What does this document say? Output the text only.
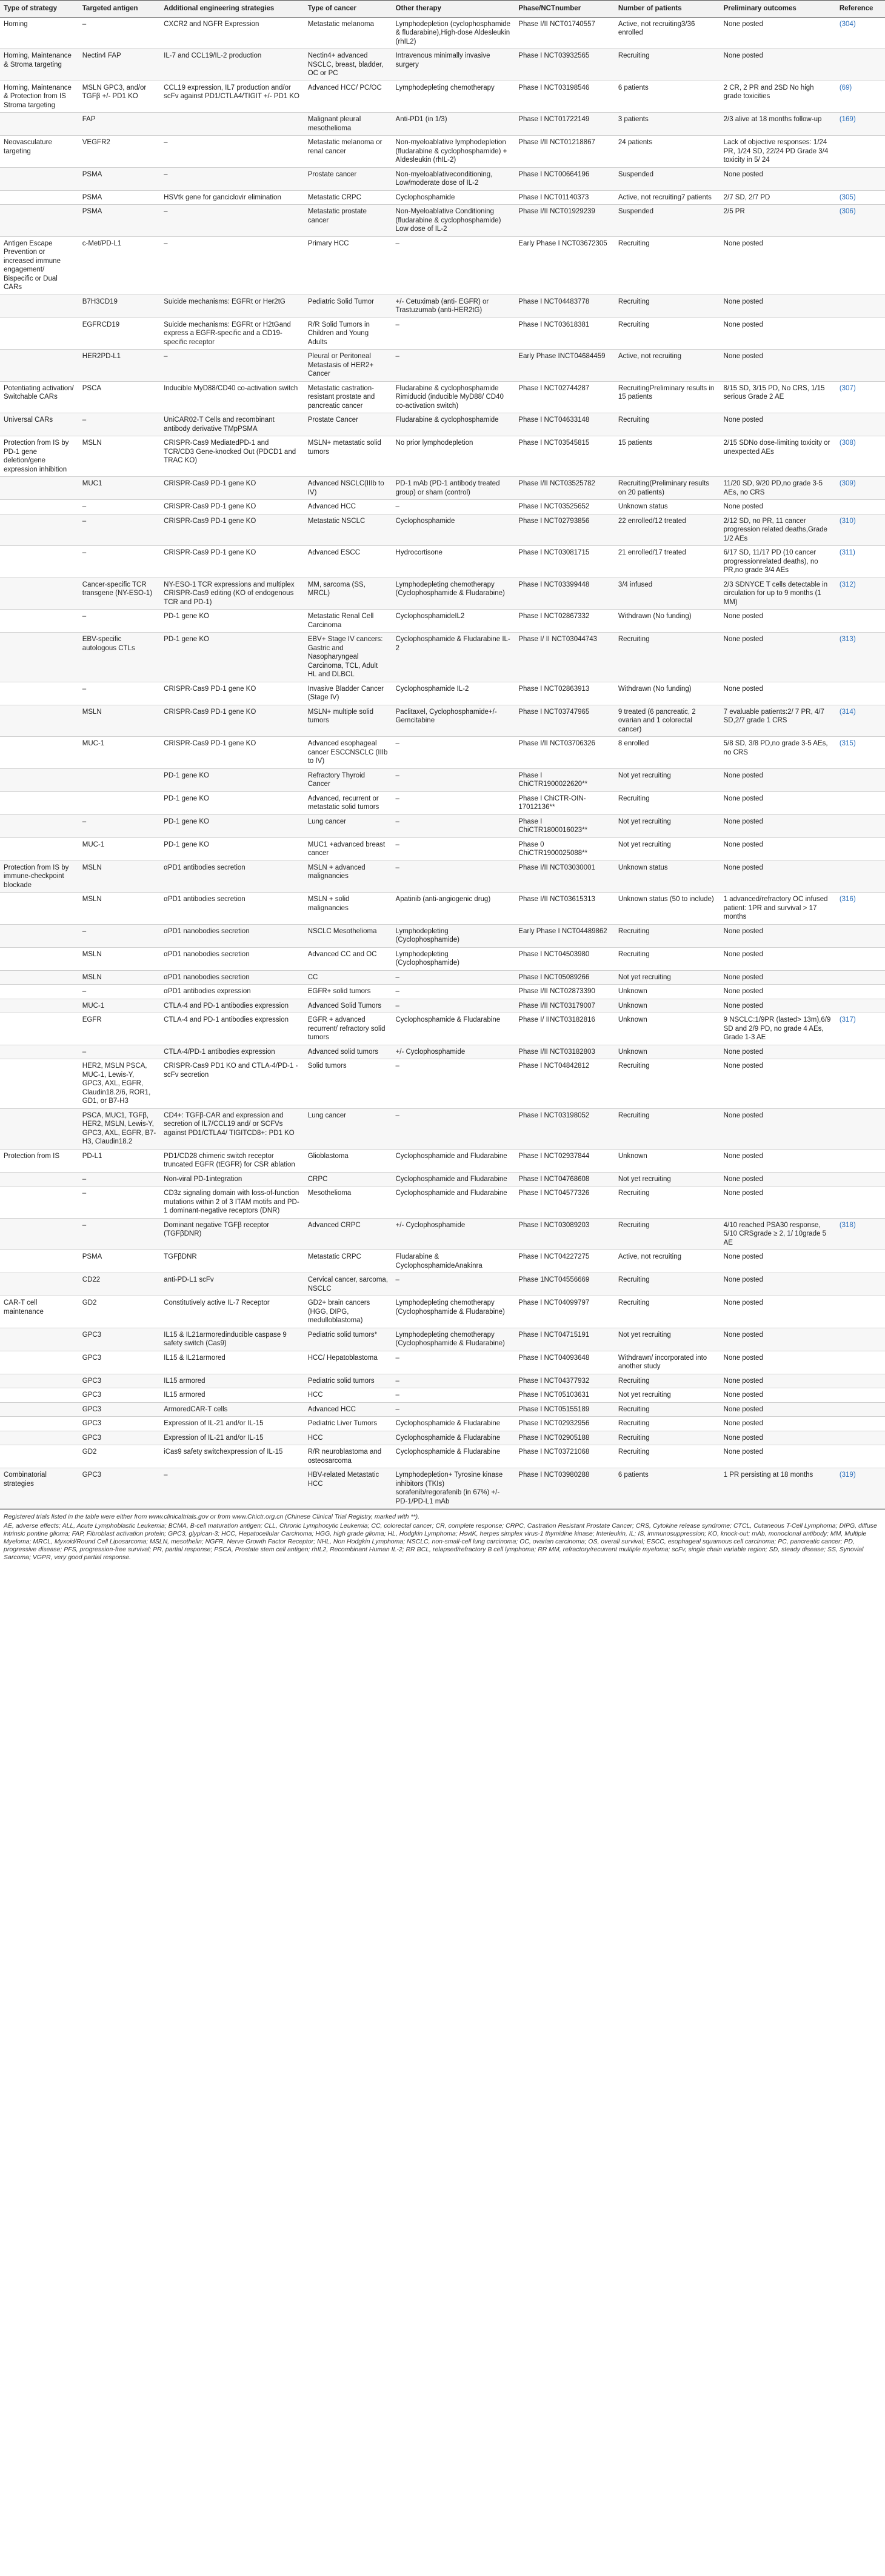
Type of strategy	Targeted antigen	Additional engineering strategies	Type of cancer	Other therapy	Phase/NCTnumber	Number of patients	Preliminary outcomes	Reference
Homing	–	CXCR2 and NGFR Expression	Metastatic melanoma	Lymphodepletion (cyclophosphamide & fludarabine),High-dose Aldesleukin (rhIL2)	Phase I/II NCT01740557	Active, not recruiting3/36 enrolled	None posted	(304)
Homing, Maintenance & Stroma targeting	Nectin4 FAP	IL-7 and CCL19/IL-2 production	Nectin4+ advanced NSCLC, breast, bladder, OC or PC	Intravenous minimally invasive surgery	Phase I NCT03932565	Recruiting	None posted	
Homing, Maintenance & Protection from IS Stroma targeting	MSLN GPC3, and/or TGFβ +/- PD1 KO	CCL19 expression, IL7 production and/or scFv against PD1/CTLA4/TIGIT +/- PD1 KO	Advanced HCC/ PC/OC	Lymphodepleting chemotherapy	Phase I NCT03198546	6 patients	2 CR, 2 PR and 2SD No high grade toxicities	(69)
	FAP		Malignant pleural mesothelioma	Anti-PD1 (in 1/3)	Phase I NCT01722149	3 patients	2/3 alive at 18 months follow-up	(169)
Neovasculature targeting	VEGFR2	–	Metastatic melanoma or renal cancer	Non-myeloablative lymphodepletion (fludarabine & cyclophosphamide) + Aldesleukin (rhIL-2)	Phase I/II NCT01218867	24 patients	Lack of objective responses: 1/24 PR, 1/24 SD, 22/24 PD Grade 3/4 toxicity in 5/ 24	
	PSMA	–	Prostate cancer	Non-myeloablativeconditioning, Low/moderate dose of IL-2	Phase I NCT00664196	Suspended	None posted	
	PSMA	HSVtk gene for ganciclovir elimination	Metastatic CRPC	Cyclophosphamide	Phase I NCT01140373	Active, not recruiting7 patients	2/7 SD, 2/7 PD	(305)
	PSMA	–	Metastatic prostate cancer	Non-Myeloablative Conditioning (fludarabine & cyclophosphamide) Low dose of IL-2	Phase I/II NCT01929239	Suspended	2/5 PR	(306)
Antigen Escape Prevention or increased immune engagement/ Bispecific or Dual CARs	c-Met/PD-L1	–	Primary HCC	–	Early Phase I NCT03672305	Recruiting	None posted	
	B7H3CD19	Suicide mechanisms: EGFRt or Her2tG	Pediatric Solid Tumor	+/- Cetuximab (anti- EGFR) or Trastuzumab (anti-HER2tG)	Phase I NCT04483778	Recruiting	None posted	
	EGFRCD19	Suicide mechanisms: EGFRt or H2tGand express a EGFR-specific and a CD19-specific receptor	R/R Solid Tumors in Children and Young Adults	–	Phase I NCT03618381	Recruiting	None posted	
	HER2PD-L1	–	Pleural or Peritoneal Metastasis of HER2+ Cancer	–	Early Phase INCT04684459	Active, not recruiting	None posted	
Potentiating activation/ Switchable CARs	PSCA	Inducible MyD88/CD40 co-activation switch	Metastatic castration-resistant prostate and pancreatic cancer	Fludarabine & cyclophosphamide Rimiducid (inducible MyD88/ CD40 co-activation switch)	Phase I NCT02744287	RecruitingPreliminary results in 15 patients	8/15 SD, 3/15 PD, No CRS, 1/15 serious Grade 2 AE	(307)
Universal CARs	–	UniCAR02-T Cells and recombinant antibody derivative TMpPSMA	Prostate Cancer	Fludarabine & cyclophosphamide	Phase I NCT04633148	Recruiting	None posted	
Protection from IS by PD-1 gene deletion/gene expression inhibition	MSLN	CRISPR-Cas9 MediatedPD-1 and TCR/CD3 Gene-knocked Out (PDCD1 and TRAC KO)	MSLN+ metastatic solid tumors	No prior lymphodepletion	Phase I NCT03545815	15 patients	2/15 SDNo dose-limiting toxicity or unexpected AEs	(308)
	MUC1	CRISPR-Cas9 PD-1 gene KO	Advanced NSCLC(IIIb to IV)	PD-1 mAb (PD-1 antibody treated group) or sham (control)	Phase I/II NCT03525782	Recruiting(Preliminary results on 20 patients)	11/20 SD, 9/20 PD,no grade 3-5 AEs, no CRS	(309)
	–	CRISPR-Cas9 PD-1 gene KO	Advanced HCC	–	Phase I NCT03525652	Unknown status	None posted	
	–	CRISPR-Cas9 PD-1 gene KO	Metastatic NSCLC	Cyclophosphamide	Phase I NCT02793856	22 enrolled/12 treated	2/12 SD, no PR, 11 cancer progression related deaths,Grade 1/2 AEs	(310)
	–	CRISPR-Cas9 PD-1 gene KO	Advanced ESCC	Hydrocortisone	Phase I NCT03081715	21 enrolled/17 treated	6/17 SD, 11/17 PD (10 cancer progressionrelated deaths), no PR,no grade 3/4 AEs	(311)
	Cancer-specific TCR transgene (NY-ESO-1)	NY-ESO-1 TCR expressions and multiplex CRISPR-Cas9 editing (KO of endogenous TCR and PD-1)	MM, sarcoma (SS, MRCL)	Lymphodepleting chemotherapy (Cyclophosphamide & Fludarabine)	Phase I NCT03399448	3/4 infused	2/3 SDNYCE T cells detectable in circulation for up to 9 months (1 MM)	(312)
	–	PD-1 gene KO	Metastatic Renal Cell Carcinoma	CyclophosphamideIL2	Phase I NCT02867332	Withdrawn (No funding)	None posted	
	EBV-specific autologous CTLs	PD-1 gene KO	EBV+ Stage IV cancers: Gastric and Nasopharyngeal Carcinoma, TCL, Adult HL and DLBCL	Cyclophosphamide & Fludarabine IL-2	Phase I/ II NCT03044743	Recruiting	None posted	(313)
	–	CRISPR-Cas9 PD-1 gene KO	Invasive Bladder Cancer (Stage IV)	Cyclophosphamide IL-2	Phase I NCT02863913	Withdrawn (No funding)	None posted	
	MSLN	CRISPR-Cas9 PD-1 gene KO	MSLN+ multiple solid tumors	Paclitaxel, Cyclophosphamide+/- Gemcitabine	Phase I NCT03747965	9 treated (6 pancreatic, 2 ovarian and 1 colorectal cancer)	7 evaluable patients:2/ 7 PR, 4/7 SD,2/7 grade 1 CRS	(314)
	MUC-1	CRISPR-Cas9 PD-1 gene KO	Advanced esophageal cancer ESCCNSCLC (IIIb to IV)	–	Phase I/II NCT03706326	8 enrolled	5/8 SD, 3/8 PD,no grade 3-5 AEs, no CRS	(315)
		PD-1 gene KO	Refractory Thyroid Cancer	–	Phase I ChiCTR1900022620**	Not yet recruiting	None posted	
		PD-1 gene KO	Advanced, recurrent or metastatic solid tumors	–	Phase I ChiCTR-OIN-17012136**	Recruiting	None posted	
	–	PD-1 gene KO	Lung cancer	–	Phase I ChiCTR1800016023**	Not yet recruiting	None posted	
	MUC-1	PD-1 gene KO	MUC1 +advanced breast cancer	–	Phase 0 ChiCTR1900025088**	Not yet recruiting	None posted	
Protection from IS by immune-checkpoint blockade	MSLN	αPD1 antibodies secretion	MSLN + advanced malignancies	–	Phase I/II NCT03030001	Unknown status	None posted	
	MSLN	αPD1 antibodies secretion	MSLN + solid malignancies	Apatinib (anti-angiogenic drug)	Phase I/II NCT03615313	Unknown status (50 to include)	1 advanced/refractory OC infused patient: 1PR and survival > 17 months	(316)
	–	αPD1 nanobodies secretion	NSCLC Mesothelioma	Lymphodepleting (Cyclophosphamide)	Early Phase I NCT04489862	Recruiting	None posted	
	MSLN	αPD1 nanobodies secretion	Advanced CC and OC	Lymphodepleting (Cyclophosphamide)	Phase I NCT04503980	Recruiting	None posted	
	MSLN	αPD1 nanobodies secretion	CC	–	Phase I NCT05089266	Not yet recruiting	None posted	
	–	αPD1 antibodies expression	EGFR+ solid tumors	–	Phase I/II NCT02873390	Unknown	None posted	
	MUC-1	CTLA-4 and PD-1 antibodies expression	Advanced Solid Tumors	–	Phase I/II NCT03179007	Unknown	None posted	
	EGFR	CTLA-4 and PD-1 antibodies expression	EGFR + advanced recurrent/ refractory solid tumors	Cyclophosphamide & Fludarabine	Phase I/ IINCT03182816	Unknown	9 NSCLC:1/9PR (lasted> 13m),6/9 SD and 2/9 PD, no grade 4 AEs, Grade 1-3 AE	(317)
	–	CTLA-4/PD-1 antibodies expression	Advanced solid tumors	+/- Cyclophosphamide	Phase I/II NCT03182803	Unknown	None posted	
	HER2, MSLN PSCA, MUC-1, Lewis-Y, GPC3, AXL, EGFR, Claudin18.2/6, ROR1, GD1, or B7-H3	CRISPR-Cas9 PD1 KO and CTLA-4/PD-1 -scFv secretion	Solid tumors	–	Phase I NCT04842812	Recruiting	None posted	
	PSCA, MUC1, TGFβ, HER2, MSLN, Lewis-Y, GPC3, AXL, EGFR, B7-H3, Claudin18.2	CD4+: TGFβ-CAR and expression and secretion of IL7/CCL19 and/ or SCFVs against PD1/CTLA4/ TIGITCD8+: PD1 KO	Lung cancer	–	Phase I NCT03198052	Recruiting	None posted	
Protection from IS	PD-L1	PD1/CD28 chimeric switch receptor truncated EGFR (tEGFR) for CSR ablation	Glioblastoma	Cyclophosphamide and Fludarabine	Phase I NCT02937844	Unknown	None posted	
	–	Non-viral PD-1integration	CRPC	Cyclophosphamide and Fludarabine	Phase I NCT04768608	Not yet recruiting	None posted	
	–	CD3z signaling domain with loss-of-function mutations within 2 of 3 ITAM motifs and PD-1 dominant-negative receptors (DNR)	Mesothelioma	Cyclophosphamide and Fludarabine	Phase I NCT04577326	Recruiting	None posted	
	–	Dominant negative TGFβ receptor (TGFβDNR)	Advanced CRPC	+/- Cyclophosphamide	Phase I NCT03089203	Recruiting	4/10 reached PSA30 response, 5/10 CRSgrade ≥ 2, 1/ 10grade 5 AE	(318)
	PSMA	TGFβDNR	Metastatic CRPC	Fludarabine & CyclophosphamideAnakinra	Phase I NCT04227275	Active, not recruiting	None posted	
	CD22	anti-PD-L1 scFv	Cervical cancer, sarcoma, NSCLC	–	Phase 1NCT04556669	Recruiting	None posted	
CAR-T cell maintenance	GD2	Constitutively active IL-7 Receptor	GD2+ brain cancers (HGG, DIPG, medulloblastoma)	Lymphodepleting chemotherapy (Cyclophosphamide & Fludarabine)	Phase I NCT04099797	Recruiting	None posted	
	GPC3	IL15 & IL21armoredinducible caspase 9 safety switch (Cas9)	Pediatric solid tumors*	Lymphodepleting chemotherapy (Cyclophosphamide & Fludarabine)	Phase I NCT04715191	Not yet recruiting	None posted	
	GPC3	IL15 & IL21armored	HCC/ Hepatoblastoma	–	Phase I NCT04093648	Withdrawn/ incorporated into another study	None posted	
	GPC3	IL15 armored	Pediatric solid tumors	–	Phase I NCT04377932	Recruiting	None posted	
	GPC3	IL15 armored	HCC	–	Phase I NCT05103631	Not yet recruiting	None posted	
	GPC3	ArmoredCAR-T cells	Advanced HCC	–	Phase I NCT05155189	Recruiting	None posted	
	GPC3	Expression of IL-21 and/or IL-15	Pediatric Liver Tumors	Cyclophosphamide & Fludarabine	Phase I NCT02932956	Recruiting	None posted	
	GPC3	Expression of IL-21 and/or IL-15	HCC	Cyclophosphamide & Fludarabine	Phase I NCT02905188	Recruiting	None posted	
	GD2	iCas9 safety switchexpression of IL-15	R/R neuroblastoma and osteosarcoma	Cyclophosphamide & Fludarabine	Phase I NCT03721068	Recruiting	None posted	
Combinatorial strategies	GPC3	–	HBV-related Metastatic HCC	Lymphodepletion+ Tyrosine kinase inhibitors (TKIs) sorafenib/regorafenib (in 67%) +/- PD-1/PD-L1 mAb	Phase I NCT03980288	6 patients	1 PR persisting at 18 months	(319)

Registered trials listed in the table were either from www.clinicaltrials.gov or from www.Chictr.org.cn (Chinese Clinical Trial Registry, marked with **).

AE, adverse effects; ALL, Acute Lymphoblastic Leukemia; BCMA, B-cell maturation antigen; CLL, Chronic Lymphocytic Leukemia; CC, colorectal cancer; CR, complete response; CRPC, Castration Resistant Prostate Cancer; CRS, Cytokine release syndrome; CTCL, Cutaneous T-Cell Lymphoma; DIPG, diffuse intrinsic pontine glioma; FAP, Fibroblast activation protein; GPC3, glypican-3; HCC, Hepatocellular Carcinoma; HGG, high grade glioma; HL, Hodgkin Lymphoma; HsvtK, herpes simplex virus-1 thymidine kinase; Interleukin, IL; IS, immunosuppression; KO, knock-out; mAb, monoclonal antibody; MM, Multiple Myeloma; MRCL, Myxoid/Round Cell Liposarcoma; MSLN, mesothelin; NGFR, Nerve Growth Factor Receptor; NHL, Non Hodgkin Lymphoma; NSCLC, non-small-cell lung carcinoma; OC, ovarian carcinoma; OS, overall survival; ESCC, esophageal squamous cell carcinoma; PC, pancreatic cancer; PD, progressive disease; PFS, progression-free survival; PR, partial response; PSCA, Prostate stem cell antigen; rhIL2, Recombinant Human IL-2; RR BCL, relapsed/refractory B cell lymphoma; RR MM, refractory/recurrent multiple myeloma; scFv, single chain variable region; SD, steady disease; SS, Synovial Sarcoma; VGPR, very good partial response.
